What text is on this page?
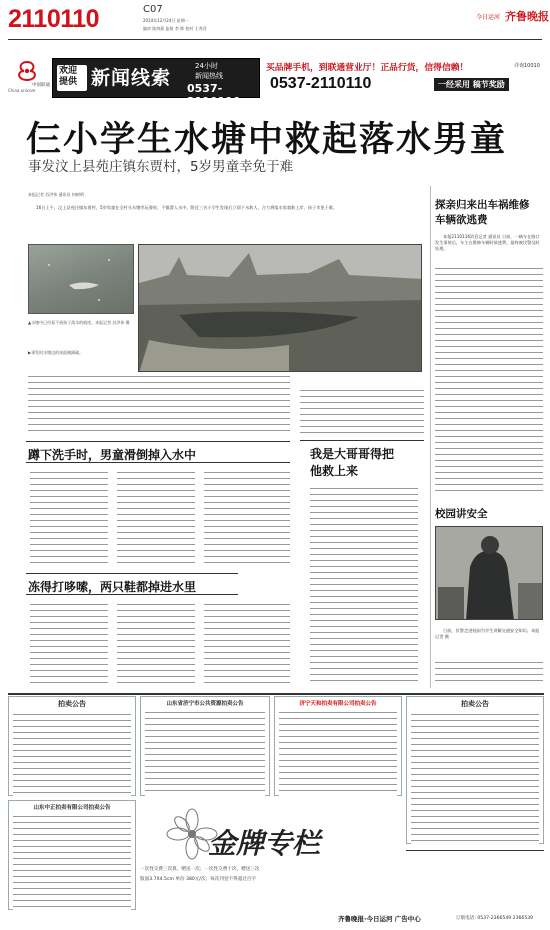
2110110	C07
2014年12月24日 星期一
编审 陈鸿燕 监排 李 辉 校对 王秀萍
今日运河 齐鲁晚报
中国联通
China unicom
欢迎提供 新闻线索
24小时
新闻热线
0537-2110110
买品牌手机，到联通营业厅！正品行货，信得信赖！	详询10010
0537-2110110	一经采用 稿节奖励
仨小学生水塘中救起落水男童
事发汶上县苑庄镇东贾村，5岁男童幸免于难
本报记者 苏洪伟 通讯员 何树明
16日上午，汶上县苑庄镇东贾村，5岁男童在全村头水塘旁玩耍时，不慎滑入水中。附近三名小学生发现后立即下水救人，合力将落水男童救上岸，孩子幸免于难。
▲水塘中已经看不到孩子落水的痕迹。本报记者 苏洪伟 摄
▶事发时水塘边的冰面被踩破。
蹲下洗手时，男童滑倒掉入水中
冻得打哆嗦，两只鞋都掉进水里
我是大哥哥得把他救上来
探亲归来出车祸维修车辆欲逃费
本报2110116消息记者 通讯员 日前，一辆车在路口发生事故后，车主在维修车辆时欲逃费，最终被民警及时处理。
校园讲安全
日前，民警走进校园为学生讲解交通安全知识。本报记者 摄
拍卖公告	山东省济宁市公共资源拍卖公告	济宁天和拍卖有限公司拍卖公告	拍卖公告
山东中正拍卖有限公司拍卖公告
金牌专栏
一次性交费三次算，赠送一次；一次性交费十次，赠送三次
版面3.7X4.5cm 单价 380元/次；每次刊登不得超过百字
齐鲁晚报·今日运河 广告中心	订版电话: 0537-2366549 2366539
